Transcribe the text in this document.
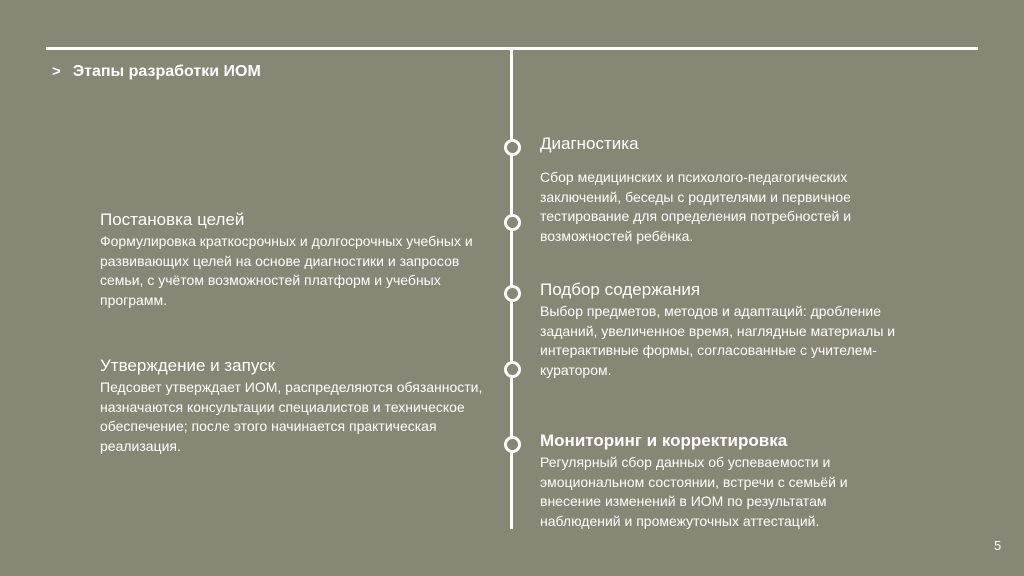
> Этапы разработки ИОМ
Постановка целей
Формулировка краткосрочных и долгосрочных учебных и развивающих целей на основе диагностики и запросов семьи, с учётом возможностей платформ и учебных программ.
Утверждение и запуск
Педсовет утверждает ИОМ, распределяются обязанности, назначаются консультации специалистов и техническое обеспечение; после этого начинается практическая реализация.
Диагностика
Сбор медицинских и психолого-педагогических заключений, беседы с родителями и первичное тестирование для определения потребностей и возможностей ребёнка.
Подбор содержания
Выбор предметов, методов и адаптаций: дробление заданий, увеличенное время, наглядные материалы и интерактивные формы, согласованные с учителем-куратором.
Мониторинг и корректировка
Регулярный сбор данных об успеваемости и эмоциональном состоянии, встречи с семьёй и внесение изменений в ИОМ по результатам наблюдений и промежуточных аттестаций.
5
